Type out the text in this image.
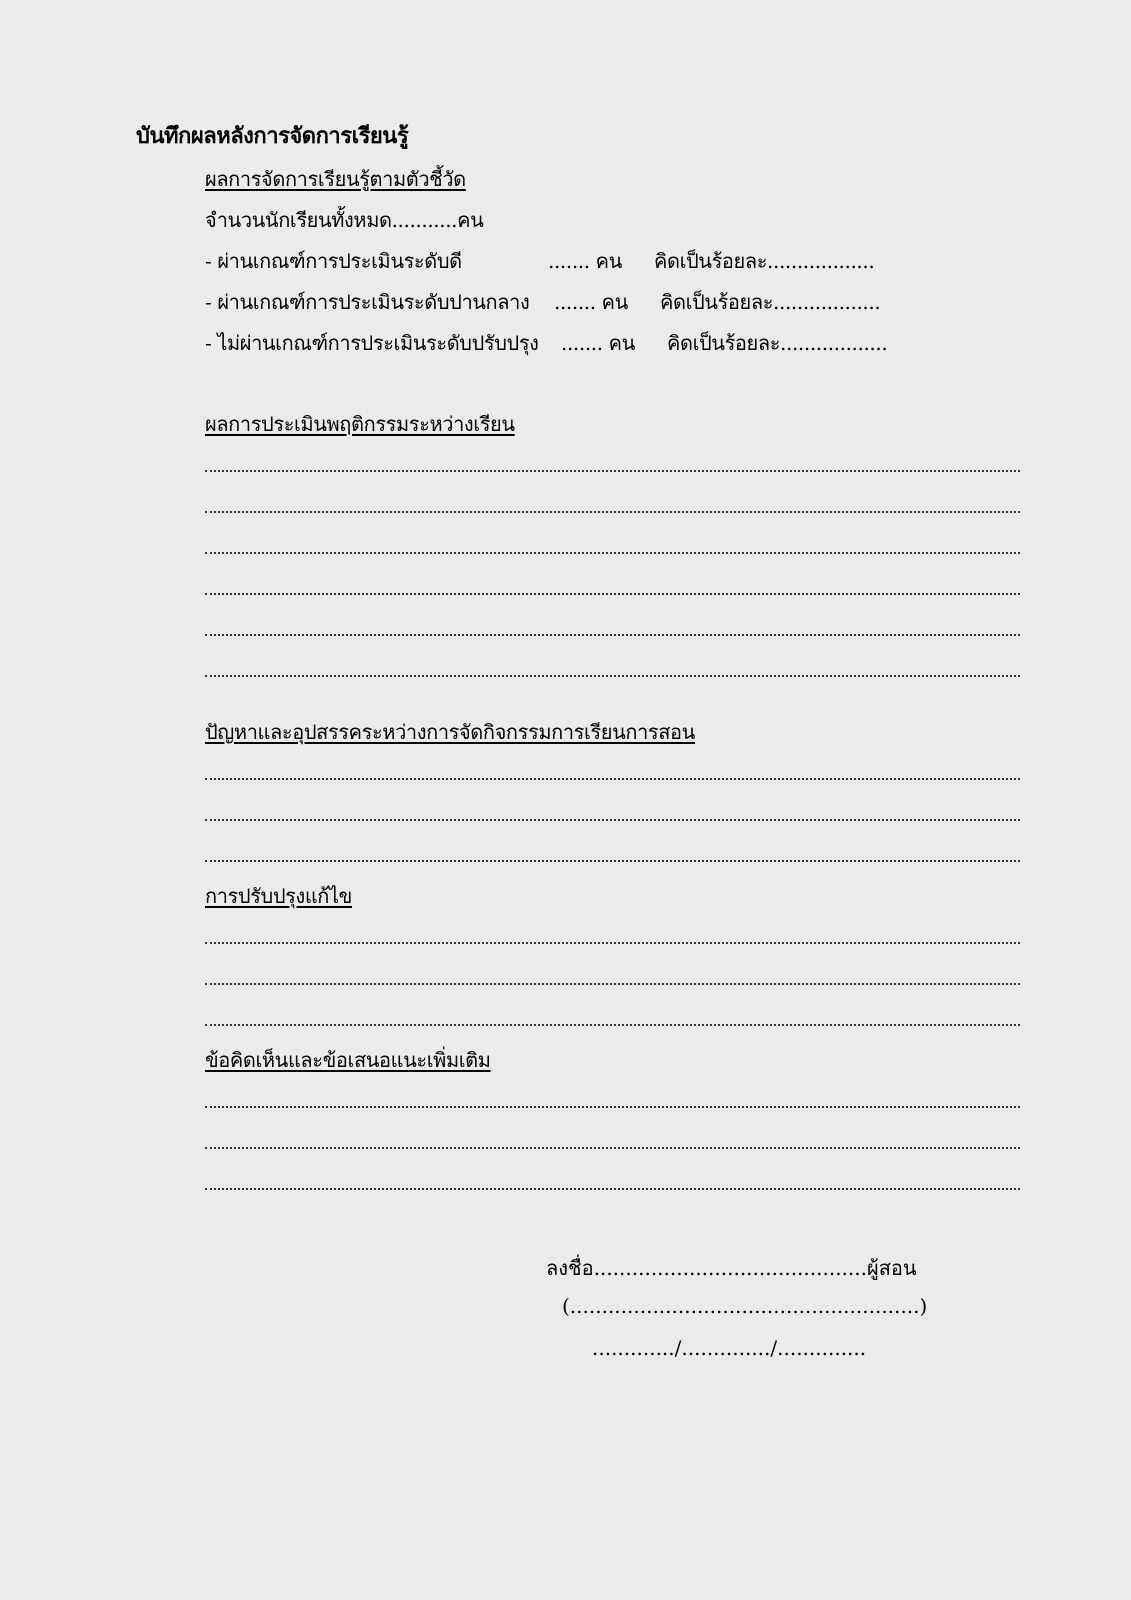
บันทึกผลหลังการจัดการเรียนรู้
ผลการจัดการเรียนรู้ตามตัวชี้วัด
จำนวนนักเรียนทั้งหมด...........คน
- ผ่านเกณฑ์การประเมินระดับดี	....... คน คิดเป็นร้อยละ..................
- ผ่านเกณฑ์การประเมินระดับปานกลาง ....... คน คิดเป็นร้อยละ..................
- ไม่ผ่านเกณฑ์การประเมินระดับปรับปรุง ....... คน คิดเป็นร้อยละ..................
ผลการประเมินพฤติกรรมระหว่างเรียน
ปัญหาและอุปสรรคระหว่างการจัดกิจกรรมการเรียนการสอน
การปรับปรุงแก้ไข
ข้อคิดเห็นและข้อเสนอแนะเพิ่มเติม
ลงชื่อ...........................................ผู้สอน
(.......................................................)
............./............../..............
